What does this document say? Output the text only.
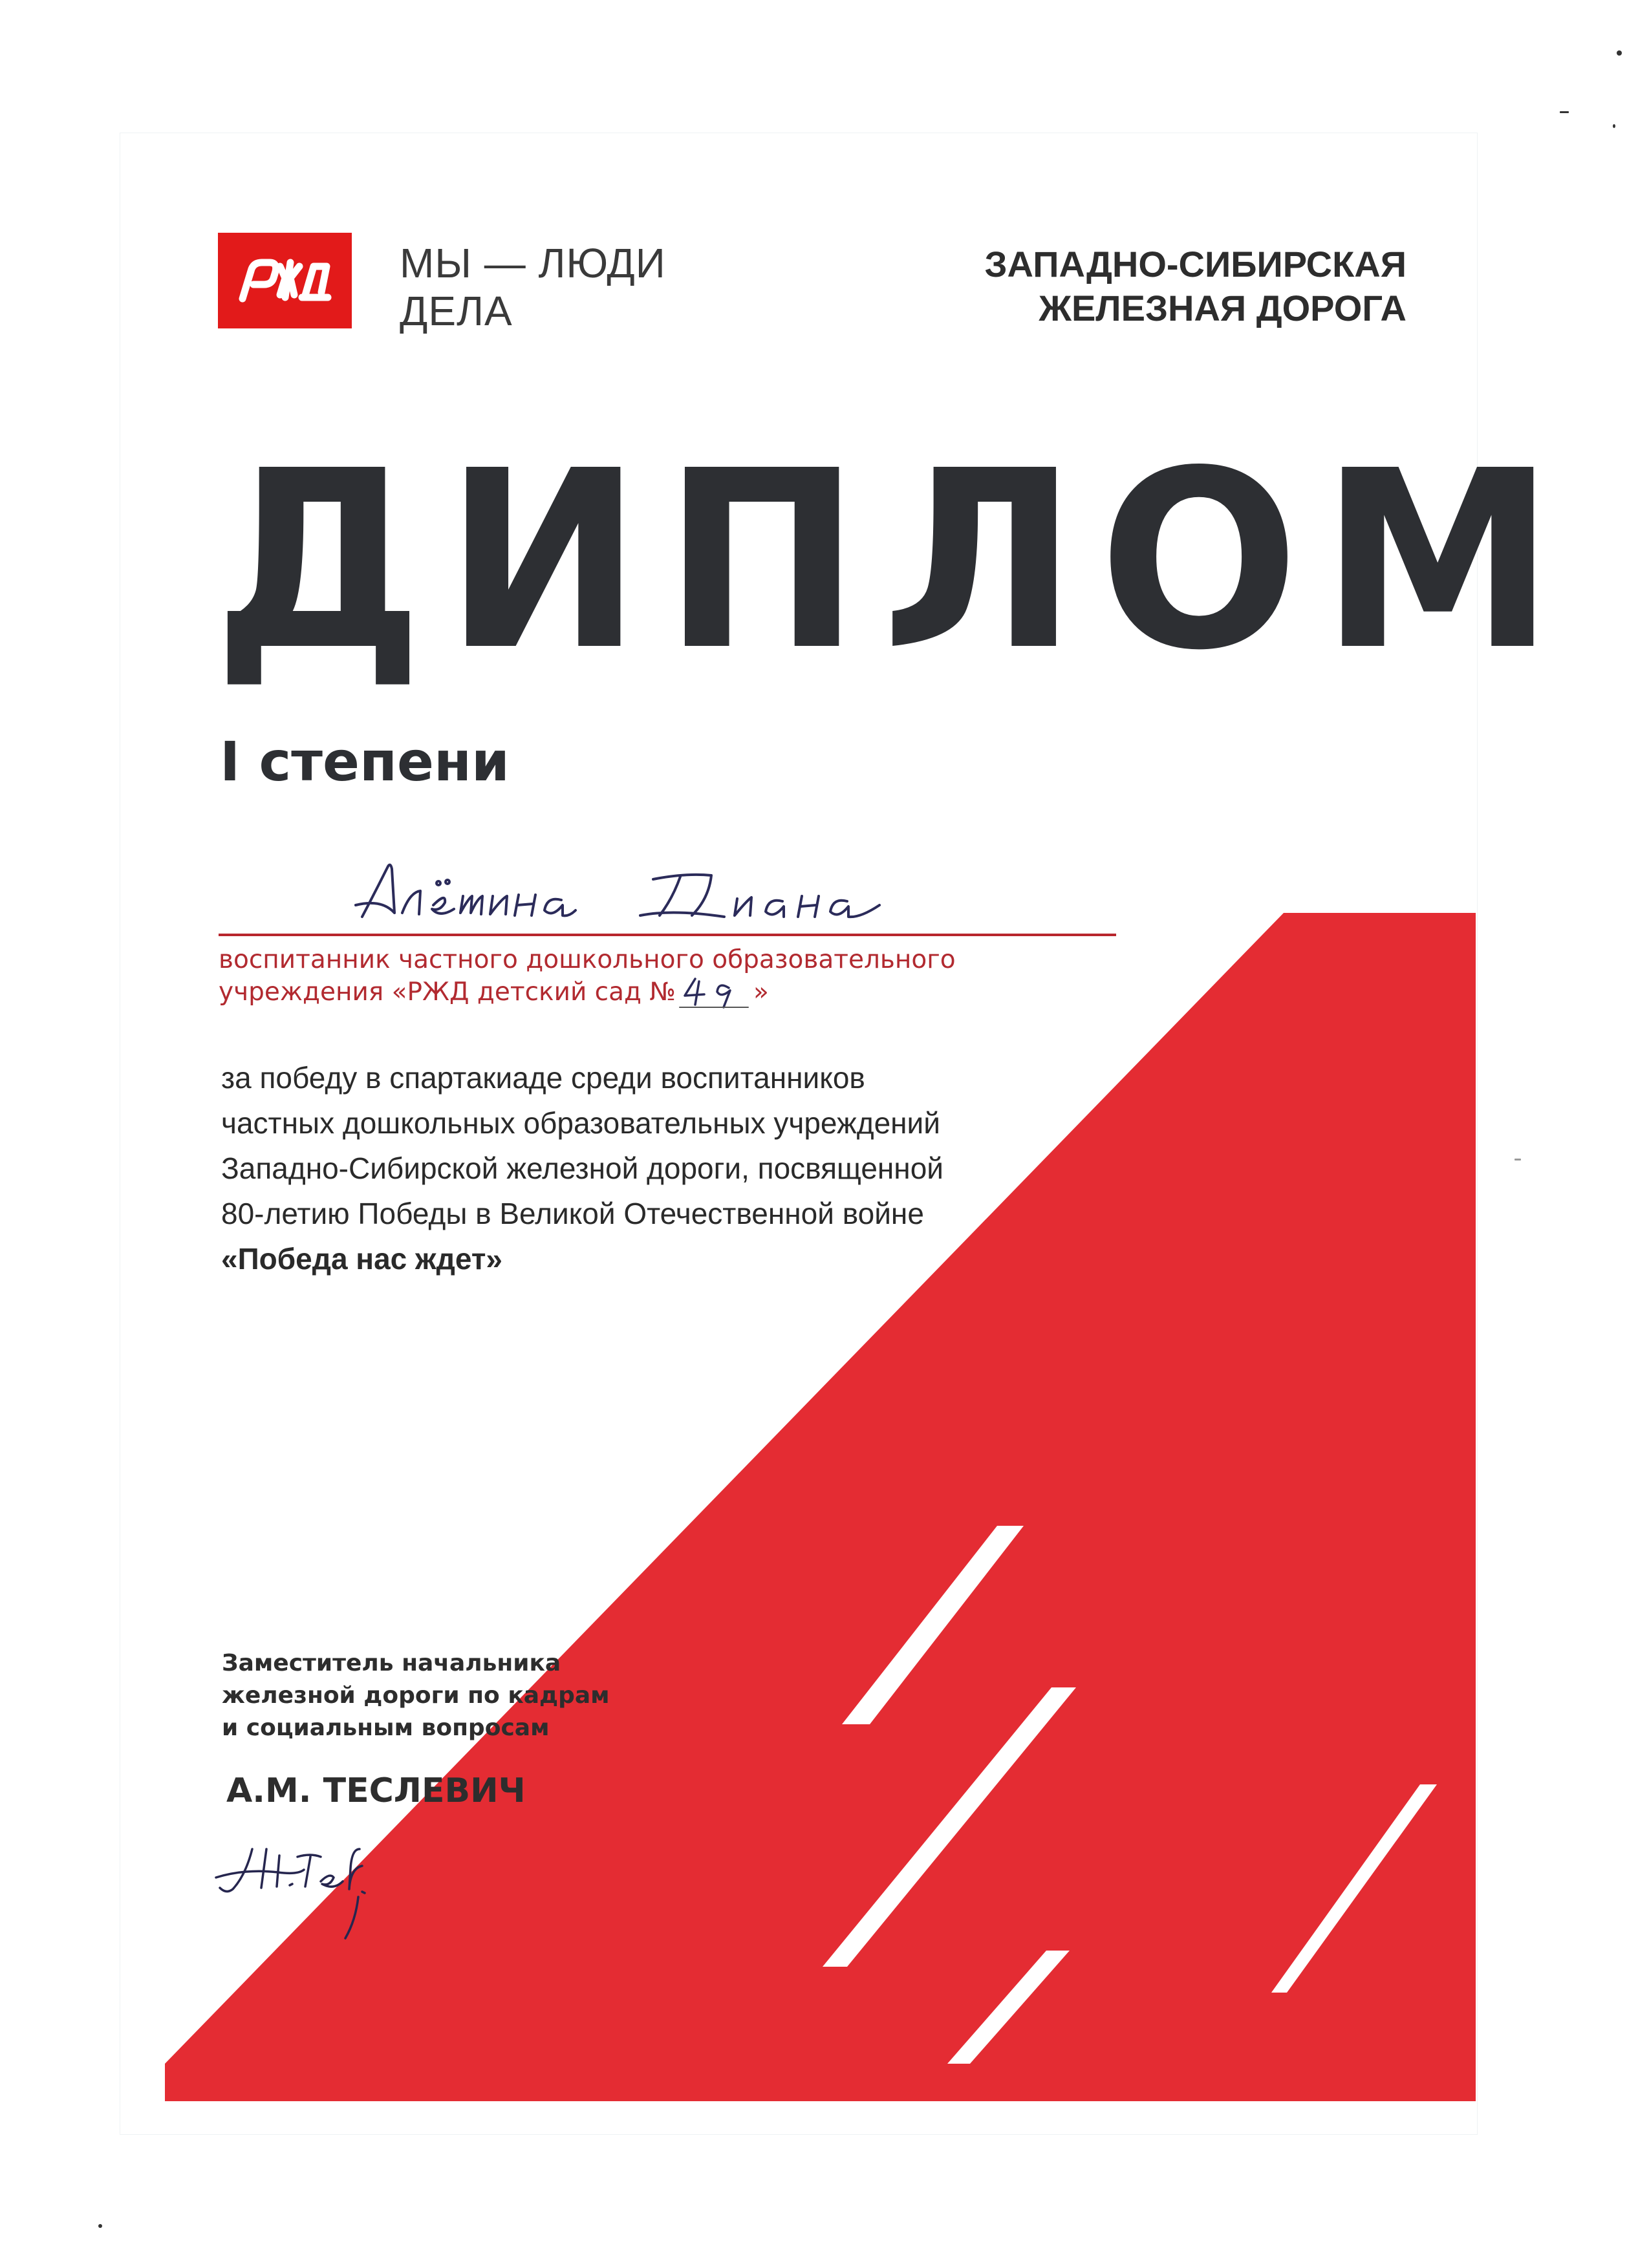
МЫ — ЛЮДИ
ДЕЛА
ЗАПАДНО-СИБИРСКАЯ
ЖЕЛЕЗНАЯ ДОРОГА
ДИПЛОМ
I степени
воспитанник частного дошкольного образовательного
учреждения «РЖД детский сад №	»
за победу в спартакиаде среди воспитанников
частных дошкольных образовательных учреждений
Западно-Сибирской железной дороги, посвященной
80-летию Победы в Великой Отечественной войне
«Победа нас ждет»
Заместитель начальника
железной дороги по кадрам
и социальным вопросам
А.М. ТЕСЛЕВИЧ
